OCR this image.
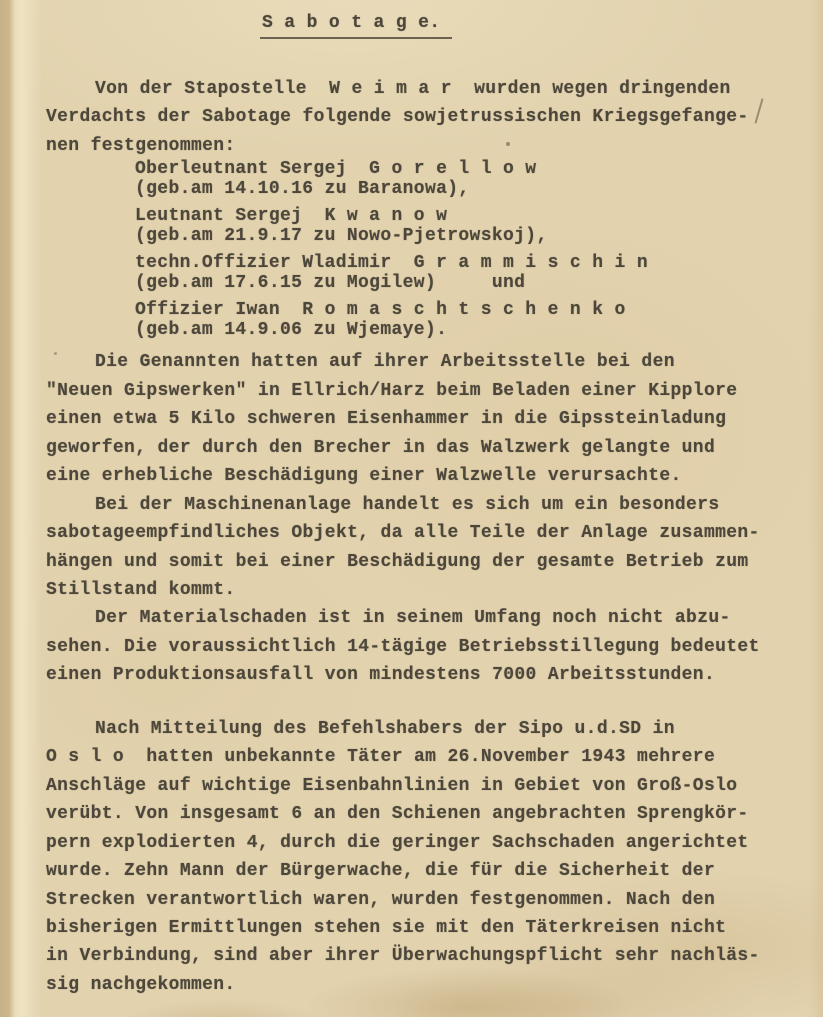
S a b o t a g e.
Von der Stapostelle  W e i m a r  wurden wegen dringenden
Verdachts der Sabotage folgende sowjetrussischen Kriegsgefange-
nen festgenommen:
Oberleutnant Sergej  G o r e l l o w
(geb.am 14.10.16 zu Baranowa),
Leutnant Sergej  K w a n o w
(geb.am 21.9.17 zu Nowo-Pjetrowskoj),
techn.Offizier Wladimir  G r a m m i s c h i n
(geb.am 17.6.15 zu Mogilew)     und
Offizier Iwan  R o m a s c h t s c h e n k o
(geb.am 14.9.06 zu Wjemaye).
Die Genannten hatten auf ihrer Arbeitsstelle bei den
"Neuen Gipswerken" in Ellrich/Harz beim Beladen einer Kipplore
einen etwa 5 Kilo schweren Eisenhammer in die Gipssteinladung
geworfen, der durch den Brecher in das Walzwerk gelangte und
eine erhebliche Beschädigung einer Walzwelle verursachte.
Bei der Maschinenanlage handelt es sich um ein besonders
sabotageempfindliches Objekt, da alle Teile der Anlage zusammen-
hängen und somit bei einer Beschädigung der gesamte Betrieb zum
Stillstand kommt.
Der Materialschaden ist in seinem Umfang noch nicht abzu-
sehen. Die voraussichtlich 14-tägige Betriebsstillegung bedeutet
einen Produktionsausfall von mindestens 7000 Arbeitsstunden.
Nach Mitteilung des Befehlshabers der Sipo u.d.SD in
O s l o  hatten unbekannte Täter am 26.November 1943 mehrere
Anschläge auf wichtige Eisenbahnlinien in Gebiet von Groß-Oslo
verübt. Von insgesamt 6 an den Schienen angebrachten Sprengkör-
pern explodierten 4, durch die geringer Sachschaden angerichtet
wurde. Zehn Mann der Bürgerwache, die für die Sicherheit der
Strecken verantwortlich waren, wurden festgenommen. Nach den
bisherigen Ermittlungen stehen sie mit den Täterkreisen nicht
in Verbindung, sind aber ihrer Überwachungspflicht sehr nachläs-
sig nachgekommen.
